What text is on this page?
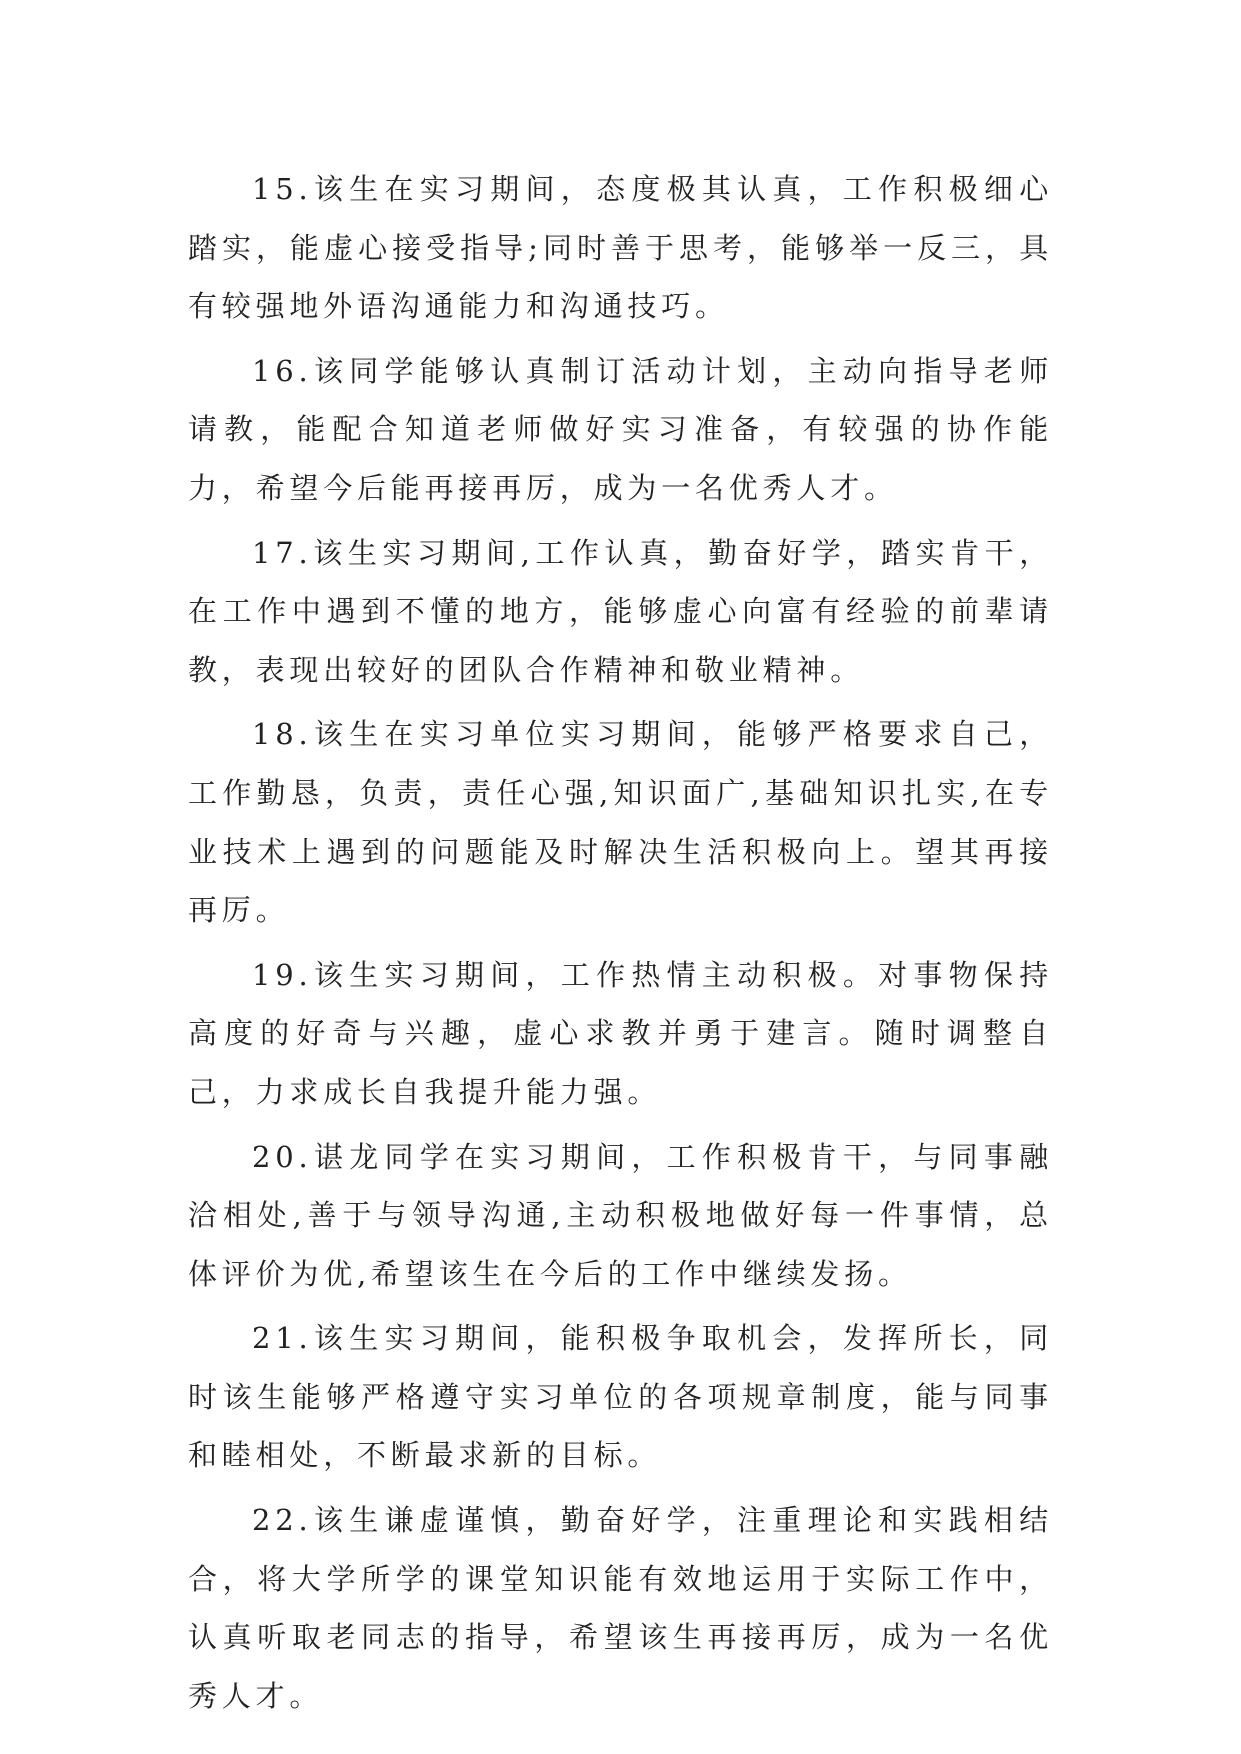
15.该生在实习期间，态度极其认真，工作积极细心踏实，能虚心接受指导;同时善于思考，能够举一反三，具有较强地外语沟通能力和沟通技巧。

16.该同学能够认真制订活动计划，主动向指导老师请教，能配合知道老师做好实习准备，有较强的协作能力，希望今后能再接再厉，成为一名优秀人才。

17.该生实习期间,工作认真，勤奋好学，踏实肯干，在工作中遇到不懂的地方，能够虚心向富有经验的前辈请教，表现出较好的团队合作精神和敬业精神。

18.该生在实习单位实习期间，能够严格要求自己，工作勤恳，负责，责任心强,知识面广,基础知识扎实,在专业技术上遇到的问题能及时解决生活积极向上。望其再接再厉。

19.该生实习期间，工作热情主动积极。对事物保持高度的好奇与兴趣，虚心求教并勇于建言。随时调整自己，力求成长自我提升能力强。

20.谌龙同学在实习期间，工作积极肯干，与同事融洽相处,善于与领导沟通,主动积极地做好每一件事情，总体评价为优,希望该生在今后的工作中继续发扬。

21.该生实习期间，能积极争取机会，发挥所长，同时该生能够严格遵守实习单位的各项规章制度，能与同事和睦相处，不断最求新的目标。

22.该生谦虚谨慎，勤奋好学，注重理论和实践相结合，将大学所学的课堂知识能有效地运用于实际工作中，认真听取老同志的指导，希望该生再接再厉，成为一名优秀人才。
